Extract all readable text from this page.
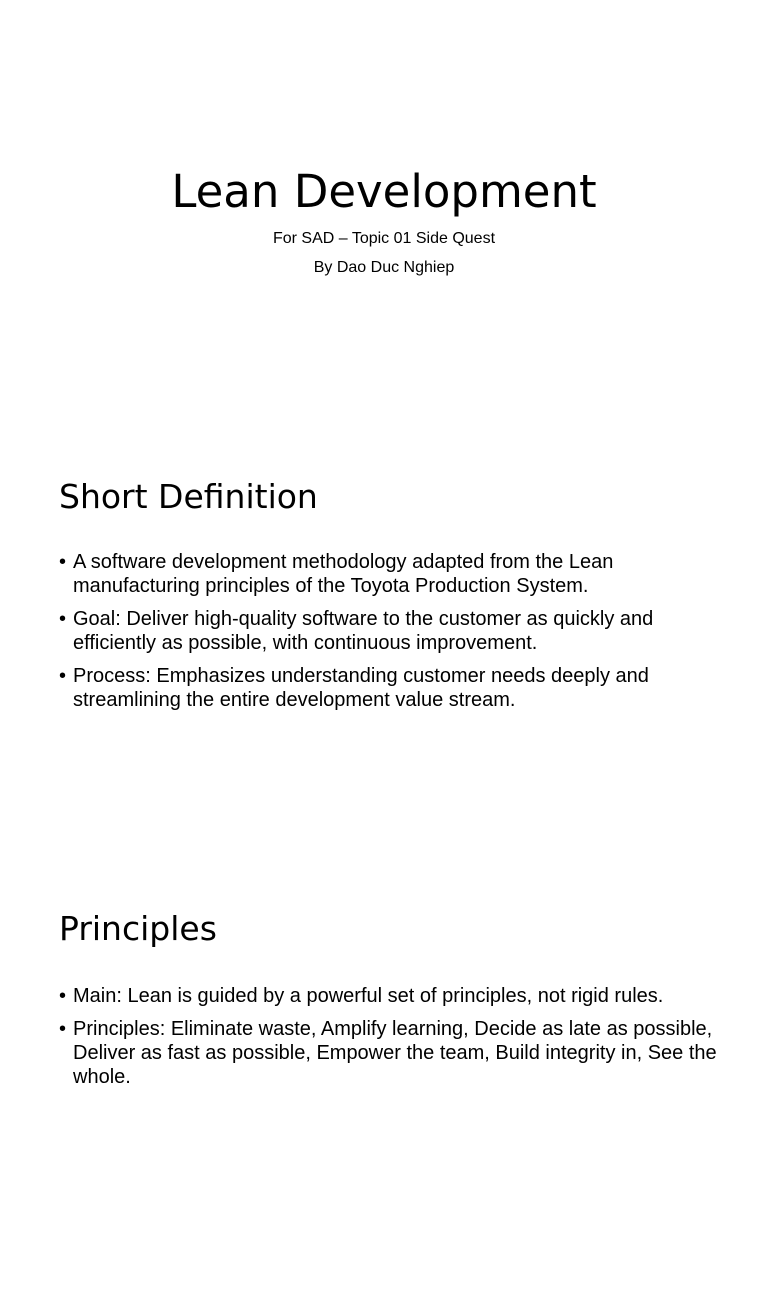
Lean Development

For SAD – Topic 01 Side Quest

By Dao Duc Nghiep

Short Definition
• A software development methodology adapted from the Lean manufacturing principles of the Toyota Production System.
• Goal: Deliver high-quality software to the customer as quickly and efficiently as possible, with continuous improvement.
• Process: Emphasizes understanding customer needs deeply and streamlining the entire development value stream.
Principles
• Main: Lean is guided by a powerful set of principles, not rigid rules.
• Principles: Eliminate waste, Amplify learning, Decide as late as possible, Deliver as fast as possible, Empower the team, Build integrity in, See the whole.
